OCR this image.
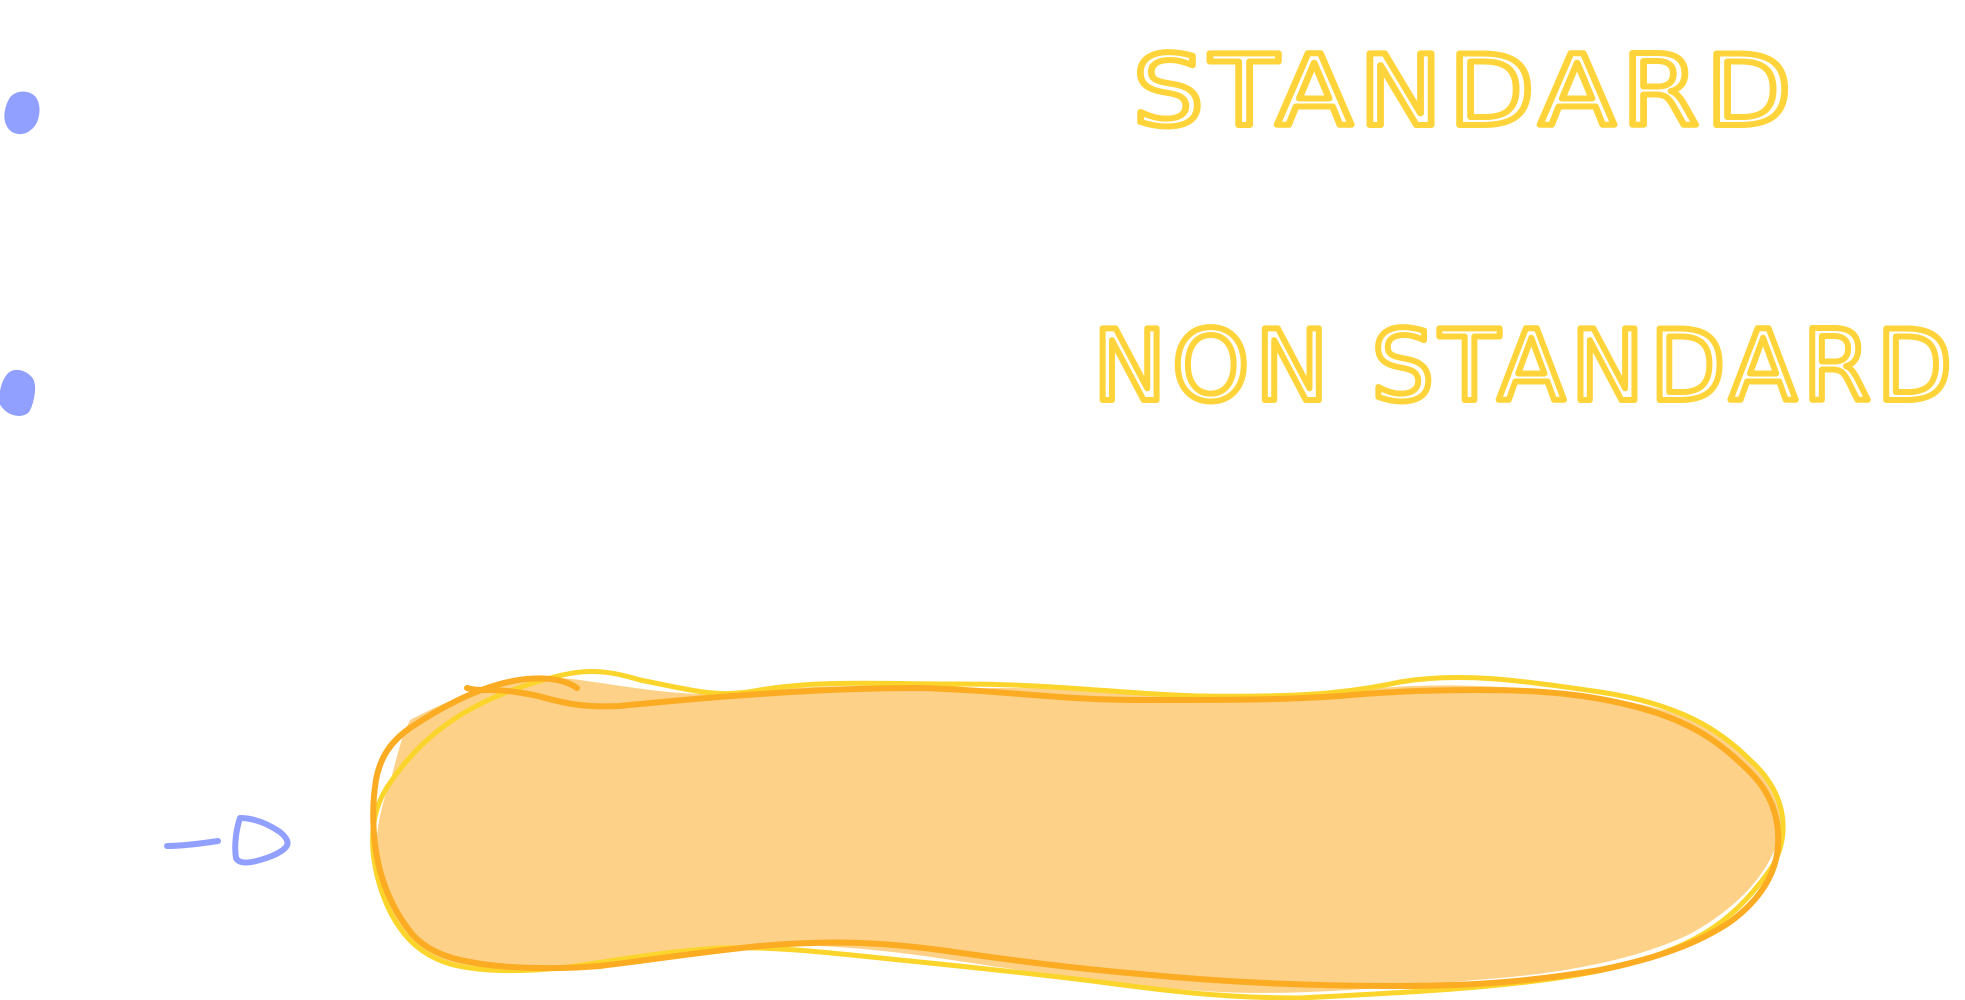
STANDARD
NON STANDARD
